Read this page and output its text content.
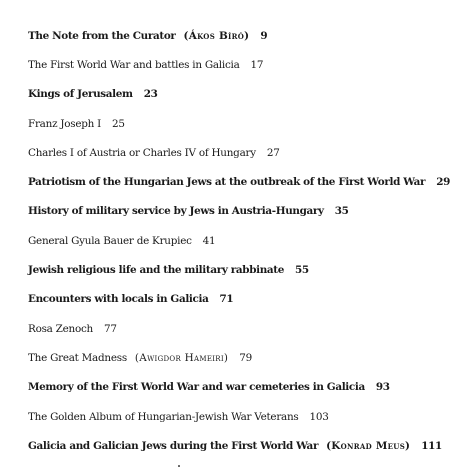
The Note from the Curator (Ákos Bíró) 9
The First World War and battles in Galicia 17
Kings of Jerusalem 23
Franz Joseph I 25
Charles I of Austria or Charles IV of Hungary 27
Patriotism of the Hungarian Jews at the outbreak of the First World War 29
History of military service by Jews in Austria-Hungary 35
General Gyula Bauer de Krupiec 41
Jewish religious life and the military rabbinate 55
Encounters with locals in Galicia 71
Rosa Zenoch 77
The Great Madness (Awigdor Hameiri) 79
Memory of the First World War and war cemeteries in Galicia 93
The Golden Album of Hungarian-Jewish War Veterans 103
Galicia and Galician Jews during the First World War (Konrad Meus) 111
